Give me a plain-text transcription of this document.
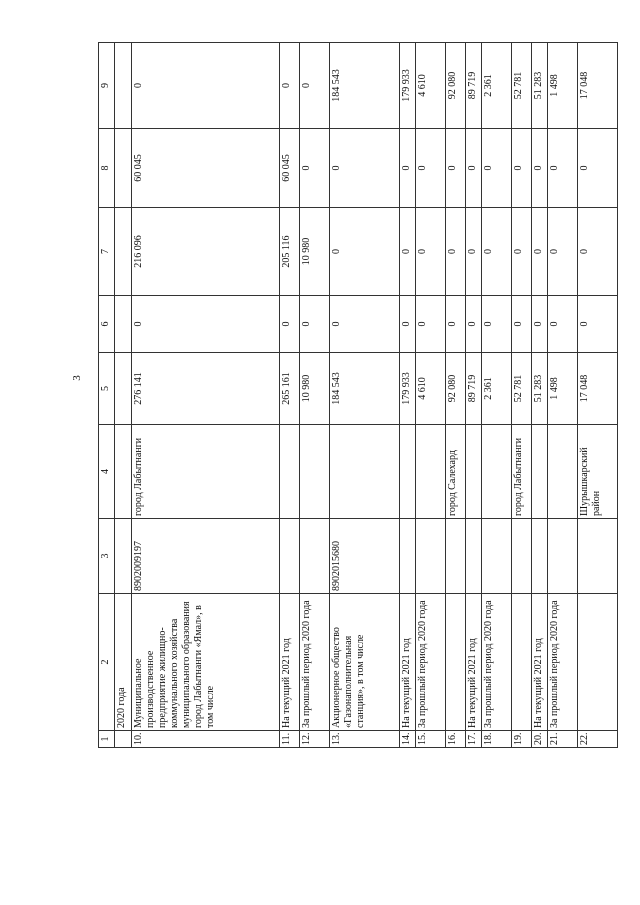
3
1	2	3	4	5	6	7	8	9
	2020 года							
10.	Муниципальное производственное предприятие жилищно-коммунального хозяйства муниципального образования город Лабытнанги «Ямал», в том числе	8902009197	город Лабытнанги	276 141	0	216 096	60 045	0
11.	На текущий 2021 год			265 161	0	205 116	60 045	0
12.	За прошлый период 2020 года			10 980	0	10 980	0	0
13.	Акционерное общество «Газонаполнительная станция», в том числе	8902015680		184 543	0	0	0	184 543
14.	На текущий 2021 год			179 933	0	0	0	179 933
15.	За прошлый период 2020 года			4 610	0	0	0	4 610
16.			город Салехард	92 080	0	0	0	92 080
17.	На текущий 2021 год			89 719	0	0	0	89 719
18.	За прошлый период 2020 года			2 361	0	0	0	2 361
19.			город Лабытнанги	52 781	0	0	0	52 781
20.	На текущий 2021 год			51 283	0	0	0	51 283
21.	За прошлый период 2020 года			1 498	0	0	0	1 498
22.			Шурышкарский район	17 048	0	0	0	17 048
